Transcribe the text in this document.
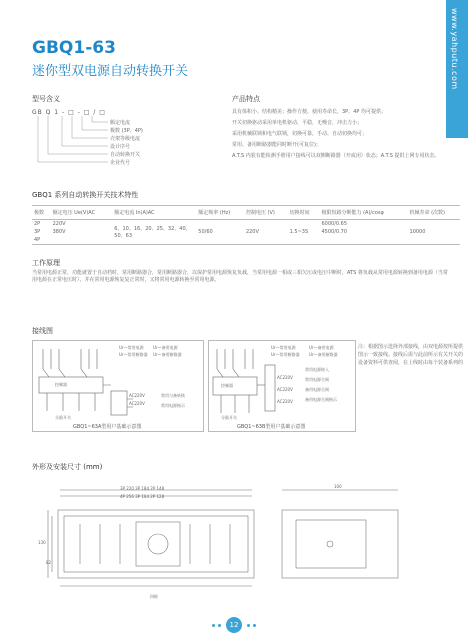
www.yahputu.com
GBQ1-63
迷你型双电源自动转换开关
型号含义
GB Q 1 - □ - □ / □
额定电流
极数 (3P、4P)
壳架等级电流
设计序号
自动转换开关
企业代号
产品特点
具有体积小、结构精美；操作方便、使用寿命长，3P、4P 均可提供；
开关切换驱动采用单电机驱动，平稳，无噪音，冲击力小；
采用机械联锁和电气联锁，切换可靠，手动、自动切换均可；
常用、备用断路器能同时断开(可复位)；
A.T.S 内装有能检测手册用户接线可以双侧断路器（开或闭）状态；A.T.S 提供上网专用状态。
GBQ1 系列自动转换开关技术特性
极数	额定电压 Ue(V)AC	额定电流 In(A)AC	额定频率 (Hz)	控制电压 (V)	切换时间	极限短路分断能力 (A)/cosφ	机械寿命 (次数)
2P	220V	6、10、16、20、25、32、40、50、63	50/60	220V	1.5~3S	6000/0.65	10000
3P	380V					4500/0.70	
4P							
工作原理
当常用电源正常，功能就置于自动档时，常用断路器合，常用断路器合，以保护常用电源恢复负载，当常用电源一相或三相欠压或电压中断时，ATS 将负载从常用电源转换到备用电源（当常用电源在正常电压时），并在常用电源恢复复正常时，又将常用电源转换至常用电源。
接线图
Ur—常用电源 Ur—备用电源
Ur—常用断路器 Ur—备用断路器
控制器
AC220V
AC220V
常用与备转换
常用电源指示
分励开关
GBQ1~63A型用户基础示意图
Ur—常用电源	Ur—备用电源
Ur—常用断路器 Ur—备用断路器
控制器
AC220V
AC220V
AC220V
常用电源接入
常用电源合闸
备用电源合闸
备用电源合闸指示
分励开关
GBQ1~63B型用户基础示意图
注：根据图示选择外部接线，由双电源按所提供图示一致接线。接线后需与此前所示有关开关的设备资料可供查阅，在上线时由每个装备系列的
外形及安装尺寸 (mm)
3P 220 3P 184 2P 148
4P 256 3P 164 2P 128
130
82
100
四极
12
